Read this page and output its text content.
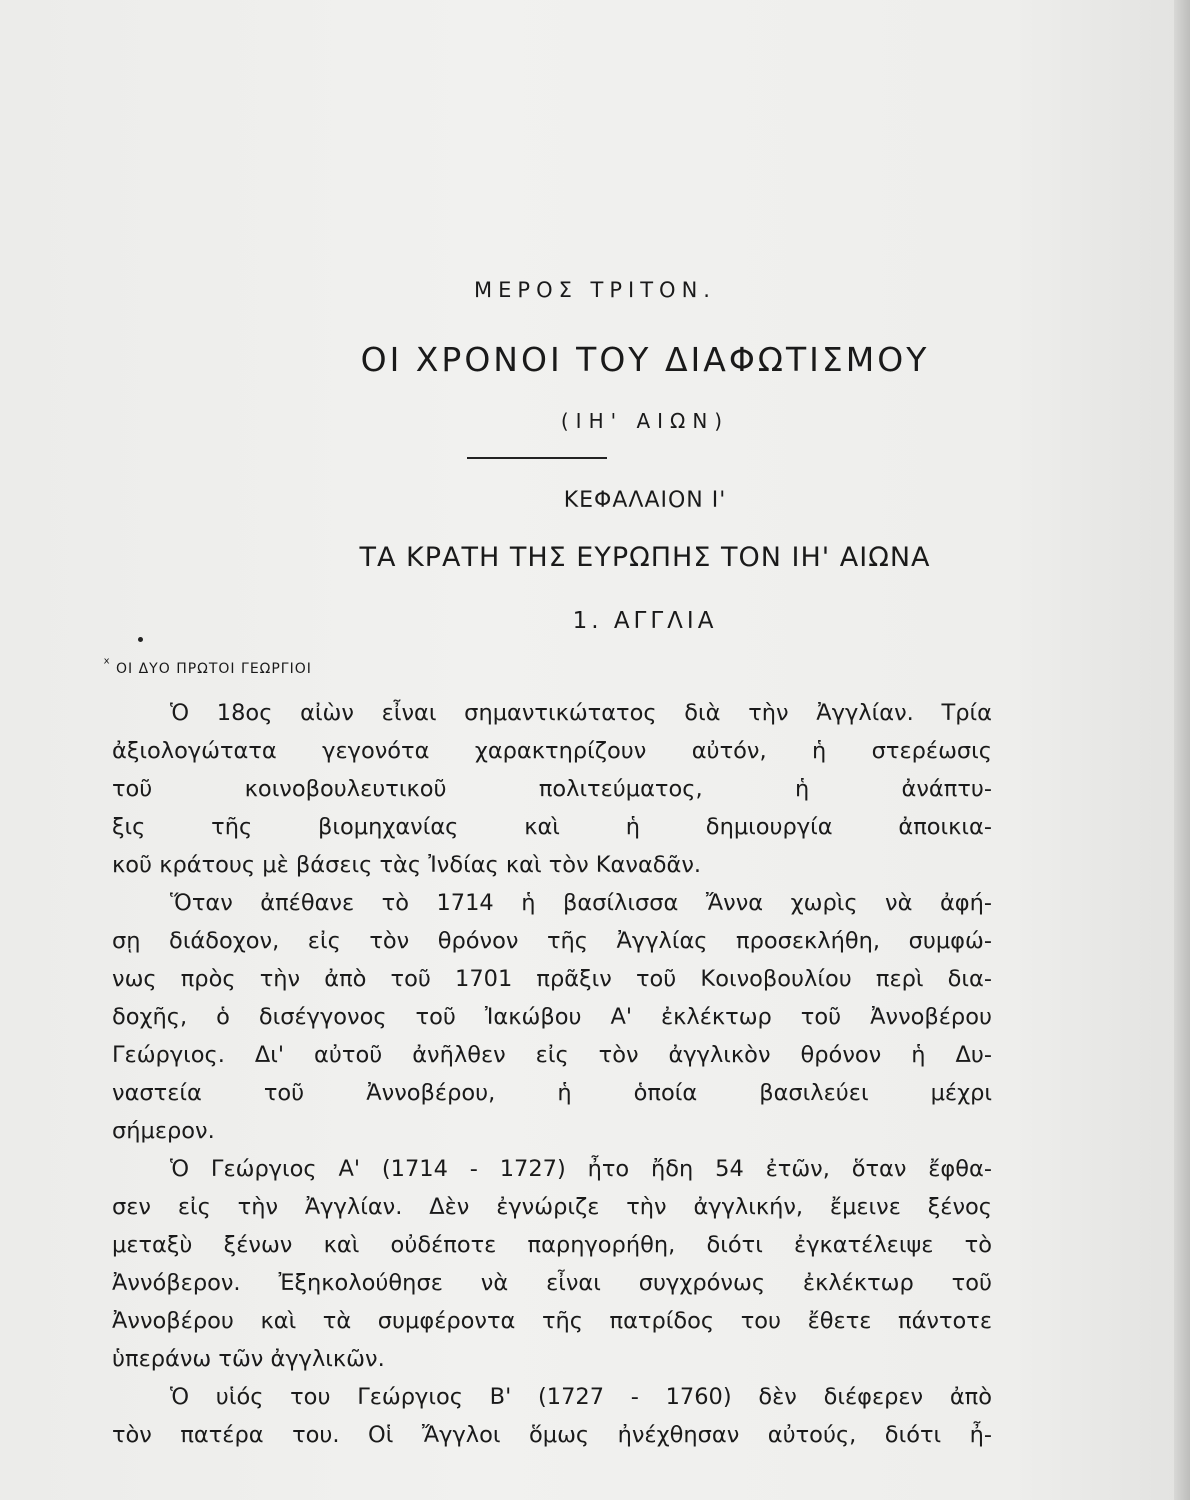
ΜΕΡΟΣ ΤΡΙΤΟΝ.
ΟΙ ΧΡΟΝΟΙ ΤΟΥ ΔΙΑΦΩΤΙΣΜΟΥ
(ΙΗ' ΑΙΩΝ)
ΚΕΦΑΛΑΙΟΝ Ι'
ΤΑ ΚΡΑΤΗ ΤΗΣ ΕΥΡΩΠΗΣ ΤΟΝ ΙΗ' ΑΙΩΝΑ
1. ΑΓΓΛΙΑ
ˣ ΟΙ ΔΥΟ ΠΡΩΤΟΙ ΓΕΩΡΓΙΟΙ
Ὁ 18ος αἰὼν εἶναι σημαντικώτατος διὰ τὴν Ἀγγλίαν. Τρία
ἀξιολογώτατα γεγονότα χαρακτηρίζουν αὐτόν, ἡ στερέωσις
τοῦ κοινοβουλευτικοῦ πολιτεύματος, ἡ ἀνάπτυ-
ξις τῆς βιομηχανίας καὶ ἡ δημιουργία ἀποικια-
κοῦ κράτους μὲ βάσεις τὰς Ἰνδίας καὶ τὸν Καναδᾶν.
Ὅταν ἀπέθανε τὸ 1714 ἡ βασίλισσα Ἄννα χωρὶς νὰ ἀφή-
σῃ διάδοχον, εἰς τὸν θρόνον τῆς Ἀγγλίας προσεκλήθη, συμφώ-
νως πρὸς τὴν ἀπὸ τοῦ 1701 πρᾶξιν τοῦ Κοινοβουλίου περὶ δια-
δοχῆς, ὁ δισέγγονος τοῦ Ἰακώβου Α' ἐκλέκτωρ τοῦ Ἀννοβέρου
Γεώργιος. Δι' αὐτοῦ ἀνῆλθεν εἰς τὸν ἀγγλικὸν θρόνον ἡ Δυ-
ναστεία τοῦ Ἀννοβέρου, ἡ ὁποία βασιλεύει μέχρι
σήμερον.
Ὁ Γεώργιος Α' (1714 - 1727) ἦτο ἤδη 54 ἐτῶν, ὅταν ἔφθα-
σεν εἰς τὴν Ἀγγλίαν. Δὲν ἐγνώριζε τὴν ἀγγλικήν, ἔμεινε ξένος
μεταξὺ ξένων καὶ οὐδέποτε παρηγορήθη, διότι ἐγκατέλειψε τὸ
Ἀννόβερον. Ἐξηκολούθησε νὰ εἶναι συγχρόνως ἐκλέκτωρ τοῦ
Ἀννοβέρου καὶ τὰ συμφέροντα τῆς πατρίδος του ἔθετε πάντοτε
ὑπεράνω τῶν ἀγγλικῶν.
Ὁ υἱός του Γεώργιος Β' (1727 - 1760) δὲν διέφερεν ἀπὸ
τὸν πατέρα του. Οἱ Ἄγγλοι ὅμως ἠνέχθησαν αὐτούς, διότι ἦ-
